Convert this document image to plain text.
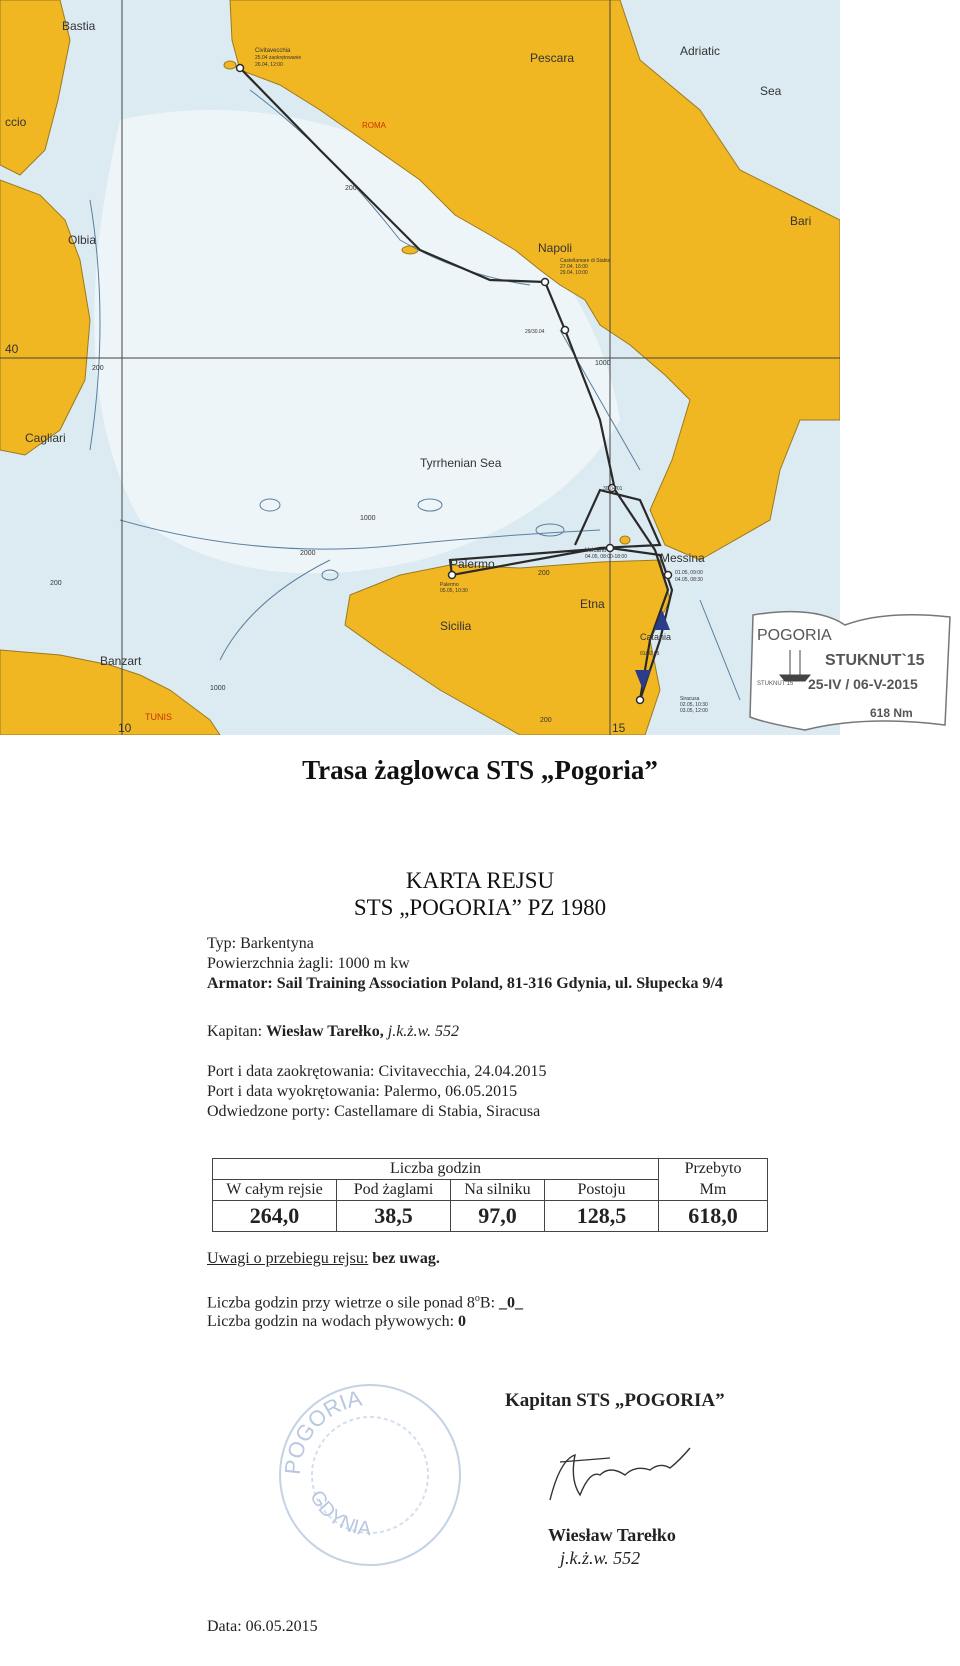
Bastia
Civitavecchia
25.04 zaokrętowanie
26.04, 12:00	Pescara	Adriatic
Sea
ccio	ROMA
Olbia
Bari
Napoli
Castellamare di Stabia
27.04, 16:00
29.04, 10:00
29/30.04
40
Cagliari
Tyrrhenian Sea
30.04/01
Volcano
04.05, 08:00-18:00	Messina
01.05, 09:00
04.05, 08:30
Palermo
Palermo
05.05, 10:30
Sicilia
Etna
Catania
01/02.05
Banzart
TUNIS
10	15
Siracusa
02.05, 10:30
03.05, 12:00
200
1000
200
2000
1000
200
200
1000
200
POGORIA
STUKNUT`15
STUKNUT'15 25-IV / 06-V-2015
618 Nm
Trasa żaglowca STS „Pogoria”
KARTA REJSU
STS „POGORIA” PZ 1980
Typ: Barkentyna
Powierzchnia żagli: 1000 m kw
Armator: Sail Training Association Poland, 81-316 Gdynia, ul. Słupecka 9/4
Kapitan: Wiesław Tarełko, j.k.ż.w. 552
Port i data zaokrętowania: Civitavecchia, 24.04.2015
Port i data wyokrętowania: Palermo, 06.05.2015
Odwiedzone porty: Castellamare di Stabia, Siracusa
Liczba godzin				Przebyto
W całym rejsie	Pod żaglami	Na silniku	Postoju	Mm
264,0	38,5	97,0	128,5	618,0
Uwagi o przebiegu rejsu: bez uwag.
Liczba godzin przy wietrze o sile ponad 8$^o$B: _0_
Liczba godzin na wodach pływowych: 0
POGORIA
GDYNIA
Kapitan STS „POGORIA”
Wiesław Tarełko
j.k.ż.w. 552
Data: 06.05.2015
